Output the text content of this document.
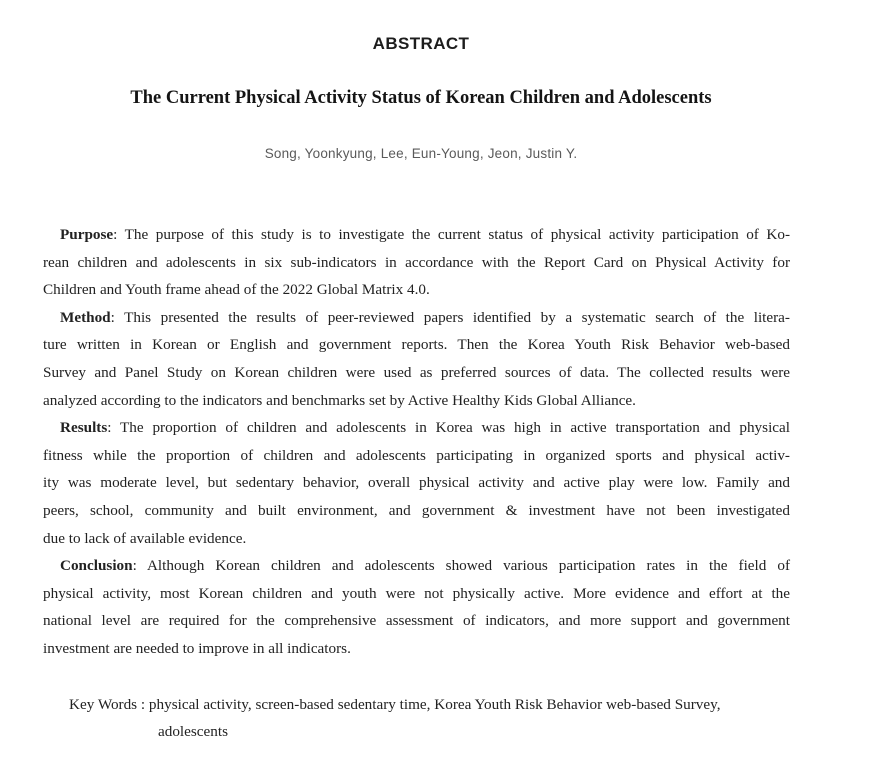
ABSTRACT
The Current Physical Activity Status of Korean Children and Adolescents
Song, Yoonkyung, Lee, Eun-Young, Jeon, Justin Y.
Purpose: The purpose of this study is to investigate the current status of physical activity participation of Ko-
rean children and adolescents in six sub-indicators in accordance with the Report Card on Physical Activity for
Children and Youth frame ahead of the 2022 Global Matrix 4.0.
Method: This presented the results of peer-reviewed papers identified by a systematic search of the litera-
ture written in Korean or English and government reports. Then the Korea Youth Risk Behavior web-based
Survey and Panel Study on Korean children were used as preferred sources of data. The collected results were
analyzed according to the indicators and benchmarks set by Active Healthy Kids Global Alliance.
Results: The proportion of children and adolescents in Korea was high in active transportation and physical
fitness while the proportion of children and adolescents participating in organized sports and physical activ-
ity was moderate level, but sedentary behavior, overall physical activity and active play were low. Family and
peers, school, community and built environment, and government & investment have not been investigated
due to lack of available evidence.
Conclusion: Although Korean children and adolescents showed various participation rates in the field of
physical activity, most Korean children and youth were not physically active. More evidence and effort at the
national level are required for the comprehensive assessment of indicators, and more support and government
investment are needed to improve in all indicators.
Key Words : physical activity, screen-based sedentary time, Korea Youth Risk Behavior web-based Survey,
adolescents
